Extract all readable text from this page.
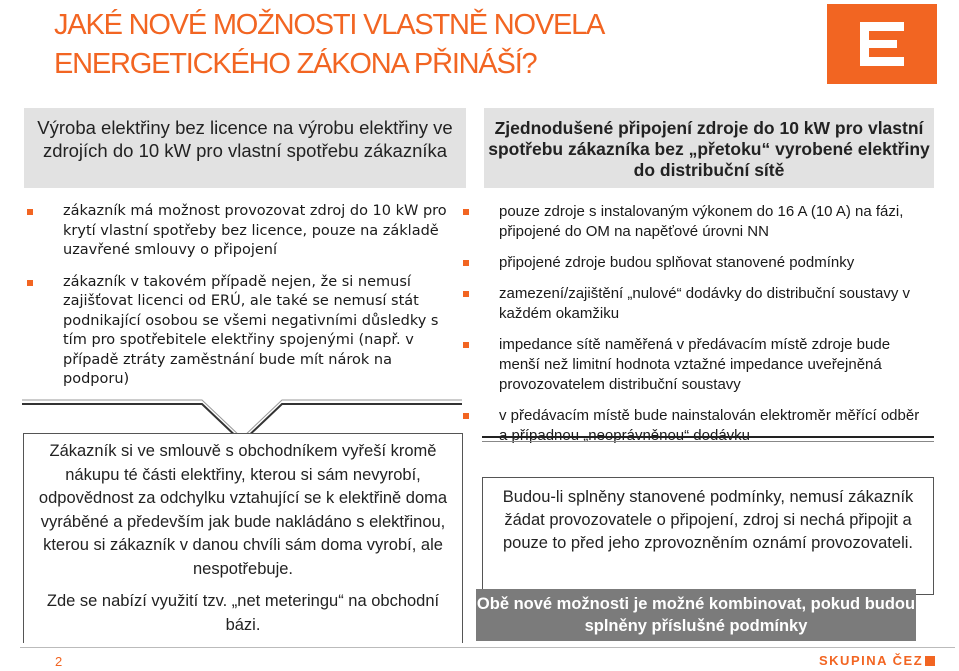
JAKÉ NOVÉ MOŽNOSTI VLASTNĚ NOVELA ENERGETICKÉHO ZÁKONA PŘINÁŠÍ?
Výroba elektřiny bez licence na výrobu elektřiny ve zdrojích do 10 kW pro vlastní spotřebu zákazníka
zákazník má možnost provozovat zdroj do 10 kW pro krytí vlastní spotřeby bez licence, pouze na základě uzavřené smlouvy o připojení
zákazník v takovém případě nejen, že si nemusí zajišťovat licenci od ERÚ, ale také se nemusí stát podnikající osobou se všemi negativními důsledky s tím pro spotřebitele elektřiny spojenými (např. v případě ztráty zaměstnání bude mít nárok na podporu)

Zákazník si ve smlouvě s obchodníkem vyřeší kromě nákupu té části elektřiny, kterou si sám nevyrobí, odpovědnost za odchylku vztahující se k elektřině doma vyráběné a především jak bude nakládáno s elektřinou, kterou si zákazník v danou chvíli sám doma vyrobí, ale nespotřebuje.

Zde se nabízí využití tzv. „net meteringu“ na obchodní bázi.

Zjednodušené připojení zdroje do 10 kW pro vlastní spotřebu zákazníka bez „přetoku“ vyrobené elektřiny do distribuční sítě
pouze zdroje s instalovaným výkonem do 16 A (10 A) na fázi, připojené do OM na napěťové úrovni NN
připojené zdroje budou splňovat stanovené podmínky
zamezení/zajištění „nulové“ dodávky do distribuční soustavy v každém okamžiku
impedance sítě naměřená v předávacím místě zdroje bude menší než limitní hodnota vztažné impedance uveřejněná provozovatelem distribuční soustavy
v předávacím místě bude nainstalován elektroměr měřící odběr a případnou „neoprávněnou“ dodávku
Budou-li splněny stanovené podmínky, nemusí zákazník žádat provozovatele o připojení, zdroj si nechá připojit a pouze to před jeho zprovozněním oznámí provozovateli.
Obě nové možnosti je možné kombinovat, pokud budou splněny příslušné podmínky
2	SKUPINA ČEZ
